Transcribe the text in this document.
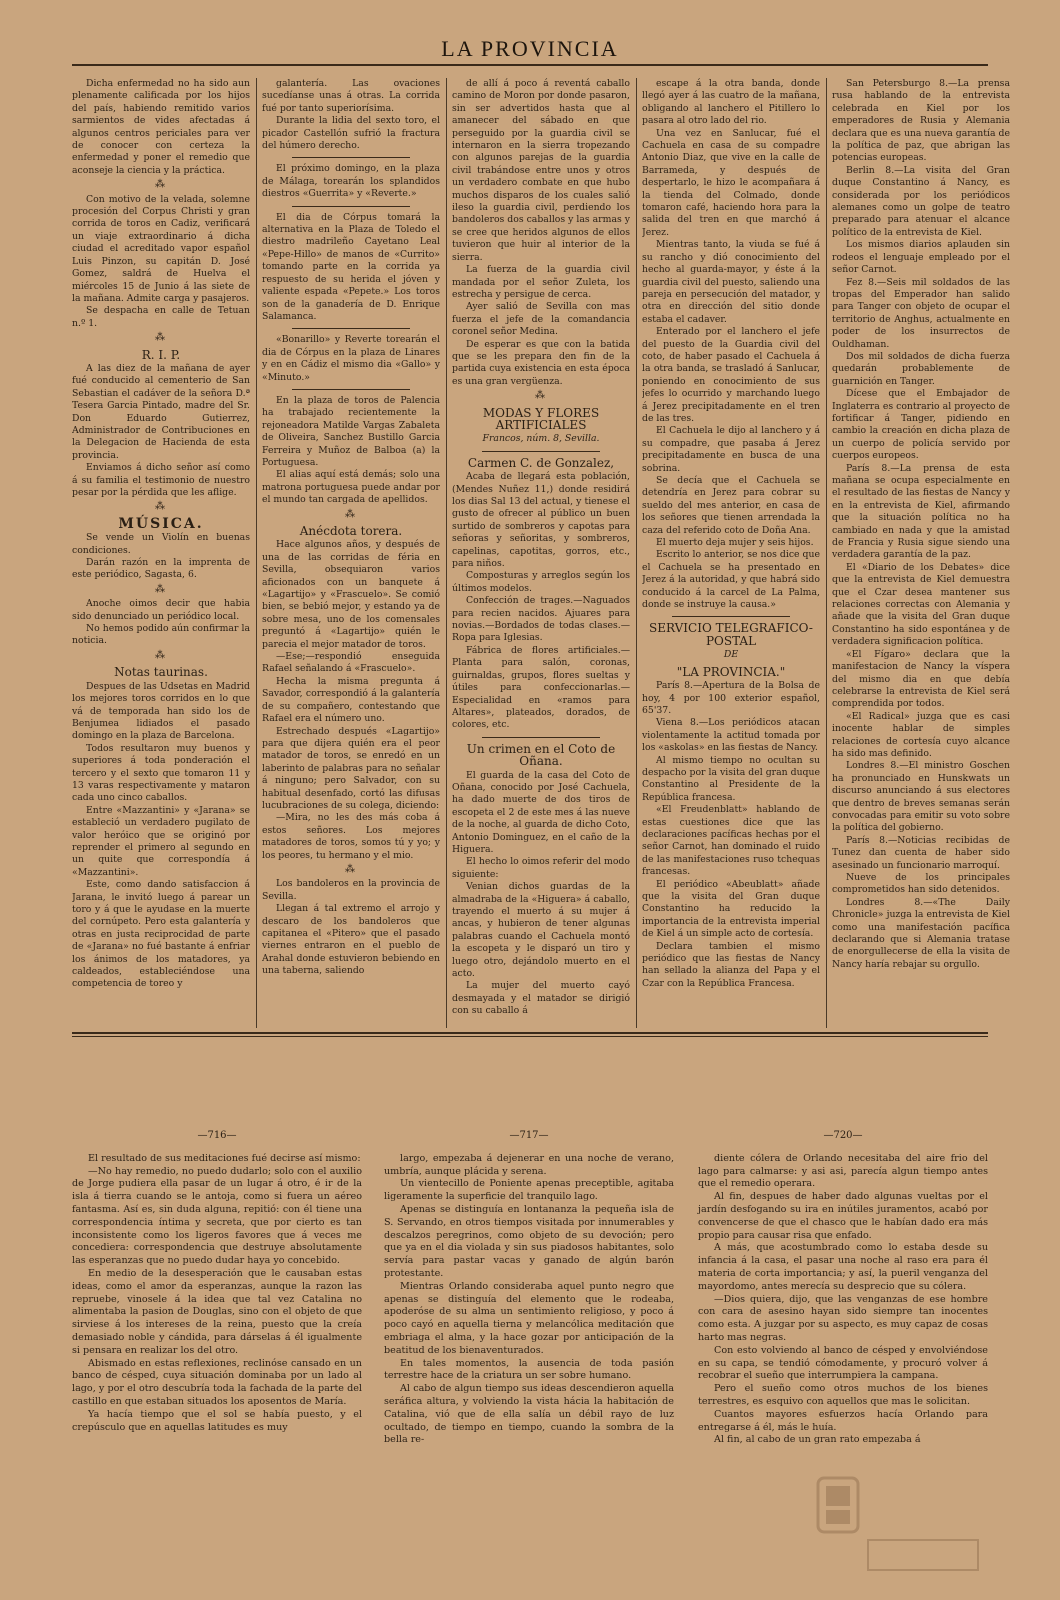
LA PROVINCIA

Dicha enfermedad no ha sido aun plenamente calificada por los hijos del país, habiendo remitido varios sarmientos de vides afectadas á algunos centros periciales para ver de conocer con certeza la enfermedad y poner el remedio que aconseje la ciencia y la práctica.

⁂

Con motivo de la velada, solemne procesión del Corpus Christi y gran corrida de toros en Cadiz, verificará un viaje extraordinario á dicha ciudad el acreditado vapor español Luis Pinzon, su capitán D. José Gomez, saldrá de Huelva el miércoles 15 de Junio á las siete de la mañana. Admite carga y pasajeros.

Se despacha en calle de Tetuan n.º 1.

⁂
R. I. P.

A las diez de la mañana de ayer fué conducido al cementerio de San Sebastian el cadáver de la señora D.ª Tesera Garcia Pintado, madre del Sr. Don Eduardo Gutierrez, Administrador de Contribuciones en la Delegacion de Hacienda de esta provincia.

Enviamos á dicho señor así como á su familia el testimonio de nuestro pesar por la pérdida que les aflige.

⁂
MÚSICA.

Se vende un Violín en buenas condiciones.

Darán razón en la imprenta de este periódico, Sagasta, 6.

⁂

Anoche oimos decir que habia sido denunciado un periódico local.

No hemos podido aún confirmar la noticia.

⁂
Notas taurinas.

Despues de las Udsetas en Madrid los mejores toros corridos en lo que vá de temporada han sido los de Benjumea lidiados el pasado domingo en la plaza de Barcelona.

Todos resultaron muy buenos y superiores á toda ponderación el tercero y el sexto que tomaron 11 y 13 varas respectivamente y mataron cada uno cinco caballos.

Entre «Mazzantini» y «Jarana» se estableció un verdadero pugilato de valor heróico que se originó por reprender el primero al segundo en un quite que correspondía á «Mazzantini».

Este, como dando satisfaccion á Jarana, le invitó luego á parear un toro y á que le ayudase en la muerte del cornúpeto. Pero esta galantería y otras en justa reciprocidad de parte de «Jarana» no fué bastante á enfriar los ánimos de los matadores, ya caldeados, estableciéndose una competencia de toreo y

galantería. Las ovaciones sucedíanse unas á otras. La corrida fué por tanto superiorísima.

Durante la lidia del sexto toro, el picador Castellón sufrió la fractura del húmero derecho.

El próximo domingo, en la plaza de Málaga, torearán los splandidos diestros «Guerrita» y «Reverte.»

El dia de Córpus tomará la alternativa en la Plaza de Toledo el diestro madrileño Cayetano Leal «Pepe-Hillo» de manos de «Currito» tomando parte en la corrida ya respuesto de su herida el jóven y valiente espada «Pepete.» Los toros son de la ganadería de D. Enrique Salamanca.

«Bonarillo» y Reverte torearán el dia de Córpus en la plaza de Linares y en en Cádiz el mismo dia «Gallo» y «Minuto.»

En la plaza de toros de Palencia ha trabajado recientemente la rejoneadora Matilde Vargas Zabaleta de Oliveira, Sanchez Bustillo Garcia Ferreira y Muñoz de Balboa (a) la Portuguesa.

El alias aquí está demás; solo una matrona portuguesa puede andar por el mundo tan cargada de apellidos.

⁂
Anécdota torera.

Hace algunos años, y después de una de las corridas de féria en Sevilla, obsequiaron varios aficionados con un banquete á «Lagartijo» y «Frascuelo». Se comió bien, se bebió mejor, y estando ya de sobre mesa, uno de los comensales preguntó á «Lagartijo» quién le parecia el mejor matador de toros.

—Ese;—respondió enseguida Rafael señalando á «Frascuelo».

Hecha la misma pregunta á Savador, correspondió á la galantería de su compañero, contestando que Rafael era el número uno.

Estrechado después «Lagartijo» para que dijera quién era el peor matador de toros, se enredó en un laberinto de palabras para no señalar á ninguno; pero Salvador, con su habitual desenfado, cortó las difusas lucubraciones de su colega, diciendo:

—Mira, no les des más coba á estos señores. Los mejores matadores de toros, somos tú y yo; y los peores, tu hermano y el mio.

⁂

Los bandoleros en la provincia de Sevilla.

Llegan á tal extremo el arrojo y descaro de los bandoleros que capitanea el «Pitero» que el pasado viernes entraron en el pueblo de Arahal donde estuvieron bebiendo en una taberna, saliendo

de allí á poco á reventá caballo camino de Moron por donde pasaron, sin ser advertidos hasta que al amanecer del sábado en que perseguido por la guardia civil se internaron en la sierra tropezando con algunos parejas de la guardia civil trabándose entre unos y otros un verdadero combate en que hubo muchos disparos de los cuales salió ileso la guardia civil, perdiendo los bandoleros dos caballos y las armas y se cree que heridos algunos de ellos tuvieron que huir al interior de la sierra.

La fuerza de la guardia civil mandada por el señor Zuleta, los estrecha y persigue de cerca.

Ayer salió de Sevilla con mas fuerza el jefe de la comandancia coronel señor Medina.

De esperar es que con la batida que se les prepara den fin de la partida cuya existencia en esta época es una gran vergüenza.

⁂
MODAS Y FLORES ARTIFICIALES
Francos, núm. 8, Sevilla.
Carmen C. de Gonzalez,

Acaba de llegará esta población, (Mendes Nuñez 11,) donde residirá los dias Sal 13 del actual, y tienese el gusto de ofrecer al público un buen surtido de sombreros y capotas para señoras y señoritas, y sombreros, capelinas, capotitas, gorros, etc., para niños.

Composturas y arreglos según los últimos modelos.

Confección de trages.—Naguados para recien nacidos. Ajuares para novias.—Bordados de todas clases.—Ropa para Iglesias.

Fábrica de flores artificiales.—Planta para salón, coronas, guirnaldas, grupos, flores sueltas y útiles para confeccionarlas.—Especialidad en «ramos para Altares», plateados, dorados, de colores, etc.

Un crimen en el Coto de Oñana.

El guarda de la casa del Coto de Oñana, conocido por José Cachuela, ha dado muerte de dos tiros de escopeta el 2 de este mes á las nueve de la noche, al guarda de dicho Coto, Antonio Dominguez, en el caño de la Higuera.

El hecho lo oimos referir del modo siguiente:

Venian dichos guardas de la almadraba de la «Higuera» á caballo, trayendo el muerto á su mujer á ancas, y hubieron de tener algunas palabras cuando el Cachuela montó la escopeta y le disparó un tiro y luego otro, dejándolo muerto en el acto.

La mujer del muerto cayó desmayada y el matador se dirigió con su caballo á

escape á la otra banda, donde llegó ayer á las cuatro de la mañana, obligando al lanchero el Pitillero lo pasara al otro lado del rio.

Una vez en Sanlucar, fué el Cachuela en casa de su compadre Antonio Diaz, que vive en la calle de Barrameda, y después de despertarlo, le hizo le acompañara á la tienda del Colmado, donde tomaron café, haciendo hora para la salida del tren en que marchó á Jerez.

Mientras tanto, la viuda se fué á su rancho y dió conocimiento del hecho al guarda-mayor, y éste á la guardia civil del puesto, saliendo una pareja en persecución del matador, y otra en dirección del sitio donde estaba el cadaver.

Enterado por el lanchero el jefe del puesto de la Guardia civil del coto, de haber pasado el Cachuela á la otra banda, se trasladó á Sanlucar, poniendo en conocimiento de sus jefes lo ocurrido y marchando luego á Jerez precipitadamente en el tren de las tres.

El Cachuela le dijo al lanchero y á su compadre, que pasaba á Jerez precipitadamente en busca de una sobrina.

Se decía que el Cachuela se detendría en Jerez para cobrar su sueldo del mes anterior, en casa de los señores que tienen arrendada la caza del referido coto de Doña Ana.

El muerto deja mujer y seis hijos.

Escrito lo anterior, se nos dice que el Cachuela se ha presentado en Jerez á la autoridad, y que habrá sido conducido á la carcel de La Palma, donde se instruye la causa.»

SERVICIO TELEGRAFICO-POSTAL
DE
"LA PROVINCIA."

París 8.—Apertura de la Bolsa de hoy, 4 por 100 exterior español, 65'37.

Viena 8.—Los periódicos atacan violentamente la actitud tomada por los «askolas» en las fiestas de Nancy.

Al mismo tiempo no ocultan su despacho por la visita del gran duque Constantino al Presidente de la República francesa.

«El Freudenblatt» hablando de estas cuestiones dice que las declaraciones pacíficas hechas por el señor Carnot, han dominado el ruido de las manifestaciones ruso tchequas francesas.

El periódico «Abeublatt» añade que la visita del Gran duque Constantino ha reducido la importancia de la entrevista imperial de Kiel á un simple acto de cortesía.

Declara tambien el mismo periódico que las fiestas de Nancy han sellado la alianza del Papa y el Czar con la República Francesa.

San Petersburgo 8.—La prensa rusa hablando de la entrevista celebrada en Kiel por los emperadores de Rusia y Alemania declara que es una nueva garantía de la política de paz, que abrigan las potencias europeas.

Berlin 8.—La visita del Gran duque Constantino á Nancy, es considerada por los periódicos alemanes como un golpe de teatro preparado para atenuar el alcance político de la entrevista de Kiel.

Los mismos diarios aplauden sin rodeos el lenguaje empleado por el señor Carnot.

Fez 8.—Seis mil soldados de las tropas del Emperador han salido para Tanger con objeto de ocupar el territorio de Anghus, actualmente en poder de los insurrectos de Ouldhaman.

Dos mil soldados de dicha fuerza quedarán probablemente de guarnición en Tanger.

Dícese que el Embajador de Inglaterra es contrario al proyecto de fortificar á Tanger, pidiendo en cambio la creación en dicha plaza de un cuerpo de policía servido por cuerpos europeos.

París 8.—La prensa de esta mañana se ocupa especialmente en el resultado de las fiestas de Nancy y en la entrevista de Kiel, afirmando que la situación política no ha cambiado en nada y que la amistad de Francia y Rusia sigue siendo una verdadera garantía de la paz.

El «Diario de los Debates» dice que la entrevista de Kiel demuestra que el Czar desea mantener sus relaciones correctas con Alemania y añade que la visita del Gran duque Constantino ha sido espontánea y de verdadera significacion política.

«El Fígaro» declara que la manifestacion de Nancy la víspera del mismo dia en que debía celebrarse la entrevista de Kiel será comprendida por todos.

«El Radical» juzga que es casi inocente hablar de simples relaciones de cortesía cuyo alcance ha sido mas definido.

Londres 8.—El ministro Goschen ha pronunciado en Hunskwats un discurso anunciando á sus electores que dentro de breves semanas serán convocadas para emitir su voto sobre la política del gobierno.

París 8.—Noticias recibidas de Tunez dan cuenta de haber sido asesinado un funcionario marroquí.

Nueve de los principales comprometidos han sido detenidos.

Londres 8.—«The Daily Chronicle» juzga la entrevista de Kiel como una manifestación pacífica declarando que si Alemania tratase de enorgullecerse de ella la visita de Nancy haría rebajar su orgullo.

—716—

El resultado de sus meditaciones fué decirse así mismo:

—No hay remedio, no puedo dudarlo; solo con el auxilio de Jorge pudiera ella pasar de un lugar á otro, é ir de la isla á tierra cuando se le antoja, como si fuera un aéreo fantasma. Así es, sin duda alguna, repitió: con él tiene una correspondencia íntima y secreta, que por cierto es tan inconsistente como los ligeros favores que á veces me concediera: correspondencia que destruye absolutamente las esperanzas que no puedo dudar haya yo concebido.

En medio de la desesperación que le causaban estas ideas, como el amor da esperanzas, aunque la razon las repruebe, vinosele á la idea que tal vez Catalina no alimentaba la pasion de Douglas, sino con el objeto de que sirviese á los intereses de la reina, puesto que la creía demasiado noble y cándida, para dárselas á él igualmente si pensara en realizar los del otro.

Abismado en estas reflexiones, reclinóse cansado en un banco de césped, cuya situación dominaba por un lado al lago, y por el otro descubría toda la fachada de la parte del castillo en que estaban situados los aposentos de María.

Ya hacía tiempo que el sol se había puesto, y el crepúsculo que en aquellas latitudes es muy

—717—

largo, empezaba á dejenerar en una noche de verano, umbría, aunque plácida y serena.

Un vientecillo de Poniente apenas preceptible, agitaba ligeramente la superficie del tranquilo lago.

Apenas se distinguía en lontananza la pequeña isla de S. Servando, en otros tiempos visitada por innumerables y descalzos peregrinos, como objeto de su devoción; pero que ya en el dia violada y sin sus piadosos habitantes, solo servía para pastar vacas y ganado de algún barón protestante.

Mientras Orlando consideraba aquel punto negro que apenas se distinguía del elemento que le rodeaba, apoderóse de su alma un sentimiento religioso, y poco á poco cayó en aquella tierna y melancólica meditación que embriaga el alma, y la hace gozar por anticipación de la beatitud de los bienaventurados.

En tales momentos, la ausencia de toda pasión terrestre hace de la criatura un ser sobre humano.

Al cabo de algun tiempo sus ideas descendieron aquella seráfica altura, y volviendo la vista hácia la habitación de Catalina, vió que de ella salía un débil rayo de luz ocultado, de tiempo en tiempo, cuando la sombra de la bella re-

—720—

diente cólera de Orlando necesitaba del aire frio del lago para calmarse: y asi asi, parecía algun tiempo antes que el remedio operara.

Al fin, despues de haber dado algunas vueltas por el jardín desfogando su ira en inútiles juramentos, acabó por convencerse de que el chasco que le habían dado era más propio para causar risa que enfado.

A más, que acostumbrado como lo estaba desde su infancia á la casa, el pasar una noche al raso era para él materia de corta importancia; y así, la pueril venganza del mayordomo, antes merecía su desprecio que su cólera.

—Dios quiera, dijo, que las venganzas de ese hombre con cara de asesino hayan sido siempre tan inocentes como esta. A juzgar por su aspecto, es muy capaz de cosas harto mas negras.

Con esto volviendo al banco de césped y envolviéndose en su capa, se tendió cómodamente, y procuró volver á recobrar el sueño que interrumpiera la campana.

Pero el sueño como otros muchos de los bienes terrestres, es esquivo con aquellos que mas le solicitan.

Cuantos mayores esfuerzos hacía Orlando para entregarse á él, más le huía.

Al fin, al cabo de un gran rato empezaba á
